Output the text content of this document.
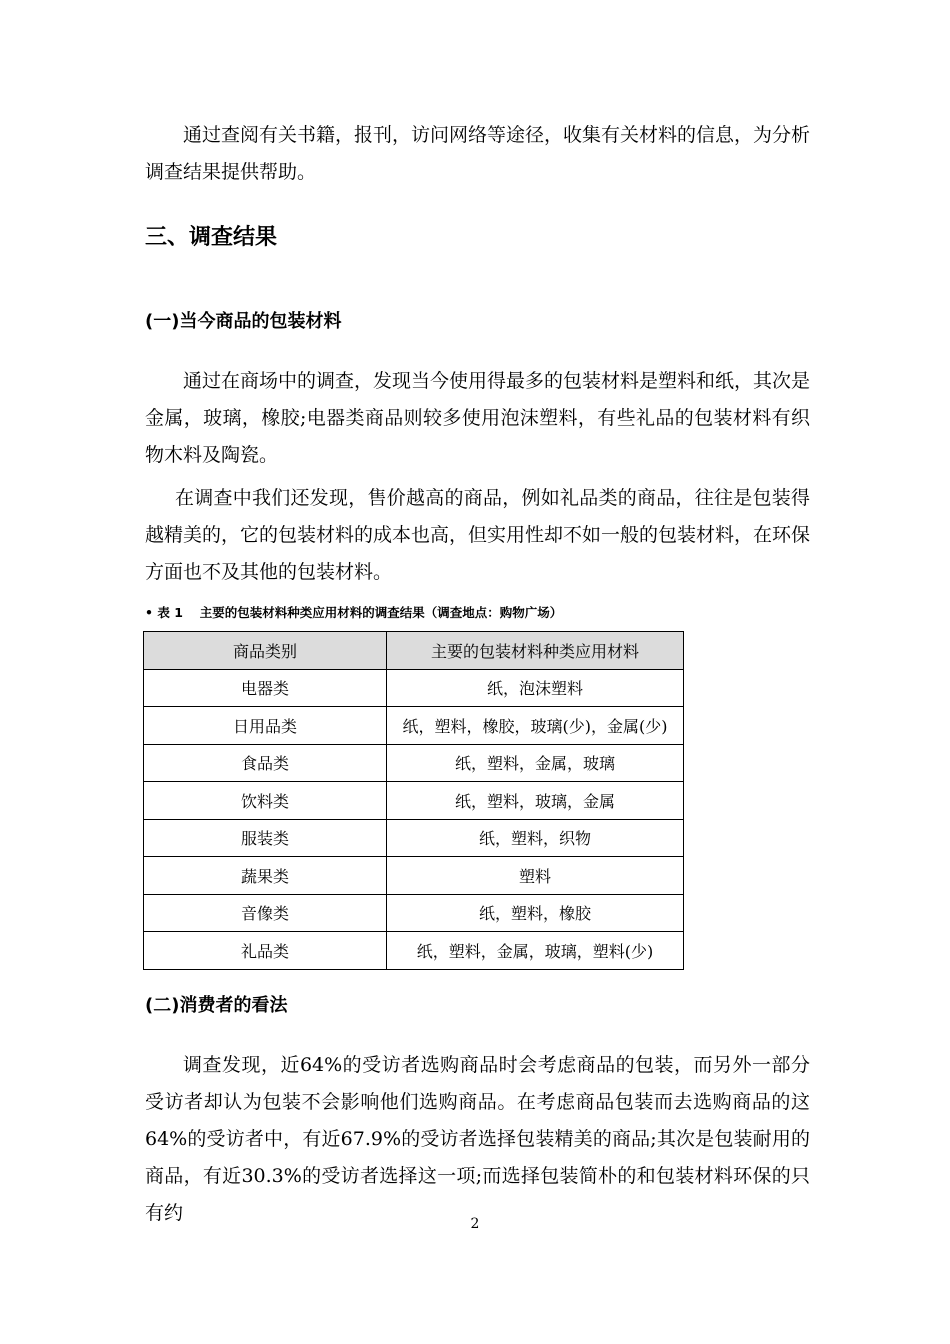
通过查阅有关书籍，报刊，访问网络等途径，收集有关材料的信息，为分析调查结果提供帮助。

三、调查结果
(一)当今商品的包装材料

通过在商场中的调查，发现当今使用得最多的包装材料是塑料和纸，其次是金属，玻璃，橡胶;电器类商品则较多使用泡沫塑料，有些礼品的包装材料有织物木料及陶瓷。

在调查中我们还发现，售价越高的商品，例如礼品类的商品，往往是包装得越精美的，它的包装材料的成本也高，但实用性却不如一般的包装材料，在环保方面也不及其他的包装材料。

• 表 1　 主要的包装材料种类应用材料的调查结果（调查地点：购物广场）

商品类别	主要的包装材料种类应用材料
电器类	纸，泡沫塑料
日用品类	纸，塑料，橡胶，玻璃(少)，金属(少)
食品类	纸，塑料，金属，玻璃
饮料类	纸，塑料，玻璃，金属
服装类	纸，塑料，织物
蔬果类	塑料
音像类	纸，塑料，橡胶
礼品类	纸，塑料，金属，玻璃，塑料(少)
(二)消费者的看法

调查发现，近64%的受访者选购商品时会考虑商品的包装，而另外一部分受访者却认为包装不会影响他们选购商品。在考虑商品包装而去选购商品的这64%的受访者中，有近67.9%的受访者选择包装精美的商品;其次是包装耐用的商品，有近30.3%的受访者选择这一项;而选择包装简朴的和包装材料环保的只有约	2
